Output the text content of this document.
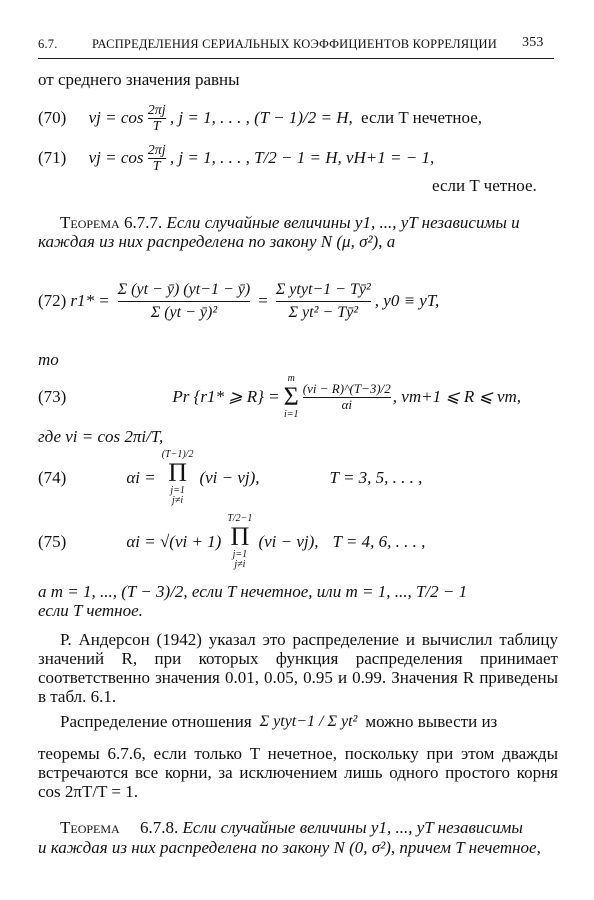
6.7.	РАСПРЕДЕЛЕНИЯ СЕРИАЛЬНЫХ КОЭФФИЦИЕНТОВ КОРРЕЛЯЦИИ 353
от среднего значения равны
(70) $\nu j = \cos \frac{2\pi j}{T}$ , j = 1, . . . , (T − 1)/2 = H, если T нечетное,
(71) $\nu j = \cos \frac{2\pi j}{T}$ , j = 1, . . . , T/2 − 1 = H, νH+1 = − 1,
если T четное.
Теорема 6.7.7. Если случайные величины y1, ..., yT независимы и
каждая из них распределена по закону N (μ, σ²), а
(72) $r1* = \frac{\Sigma (yt - ȳ) (yt-1 - ȳ)}{\text{Σ (yt − ȳ)²}} = \frac{\text{Σ ytyt−1 − Tȳ²}}{\text{Σ yt² − Tȳ²}}$ , y0 ≡ yT,
то
(73)	Pr {r1* ⩾ R} =
m
Σ
i=1
$\frac{(\nu i - R)\^{}(T-3)/2}{\alpha i}$ , νm+1 ⩽ R ⩽ νm,
где νi = cos 2πi/T,
(74)	αi =
(T−1)/2
Π
j=1
j≠i
(νi − νj),	T = 3, 5, . . . ,
(75)	αi = √(νi + 1)
T/2−1
Π
j=1
j≠i
(νi − νj), T = 4, 6, . . . ,
а m = 1, ..., (T − 3)/2, если T нечетное, или m = 1, ..., T/2 − 1
если T четное.
Р. Андерсон (1942) указал это распределение и вычислил таблицу значений R, при которых функция распределения принимает соответственно значения 0.01, 0.05, 0.95 и 0.99. Значения R приведены в табл. 6.1.
Распределение отношения Σ ytyt−1 / Σ yt² можно вывести из
теоремы 6.7.6, если только T нечетное, поскольку при этом дважды встречаются все корни, за исключением лишь одного простого корня cos 2πT/T = 1.
Теорема 6.7.8. Если случайные величины y1, ..., yT независимы
и каждая из них распределена по закону N (0, σ²), причем T нечетное,
